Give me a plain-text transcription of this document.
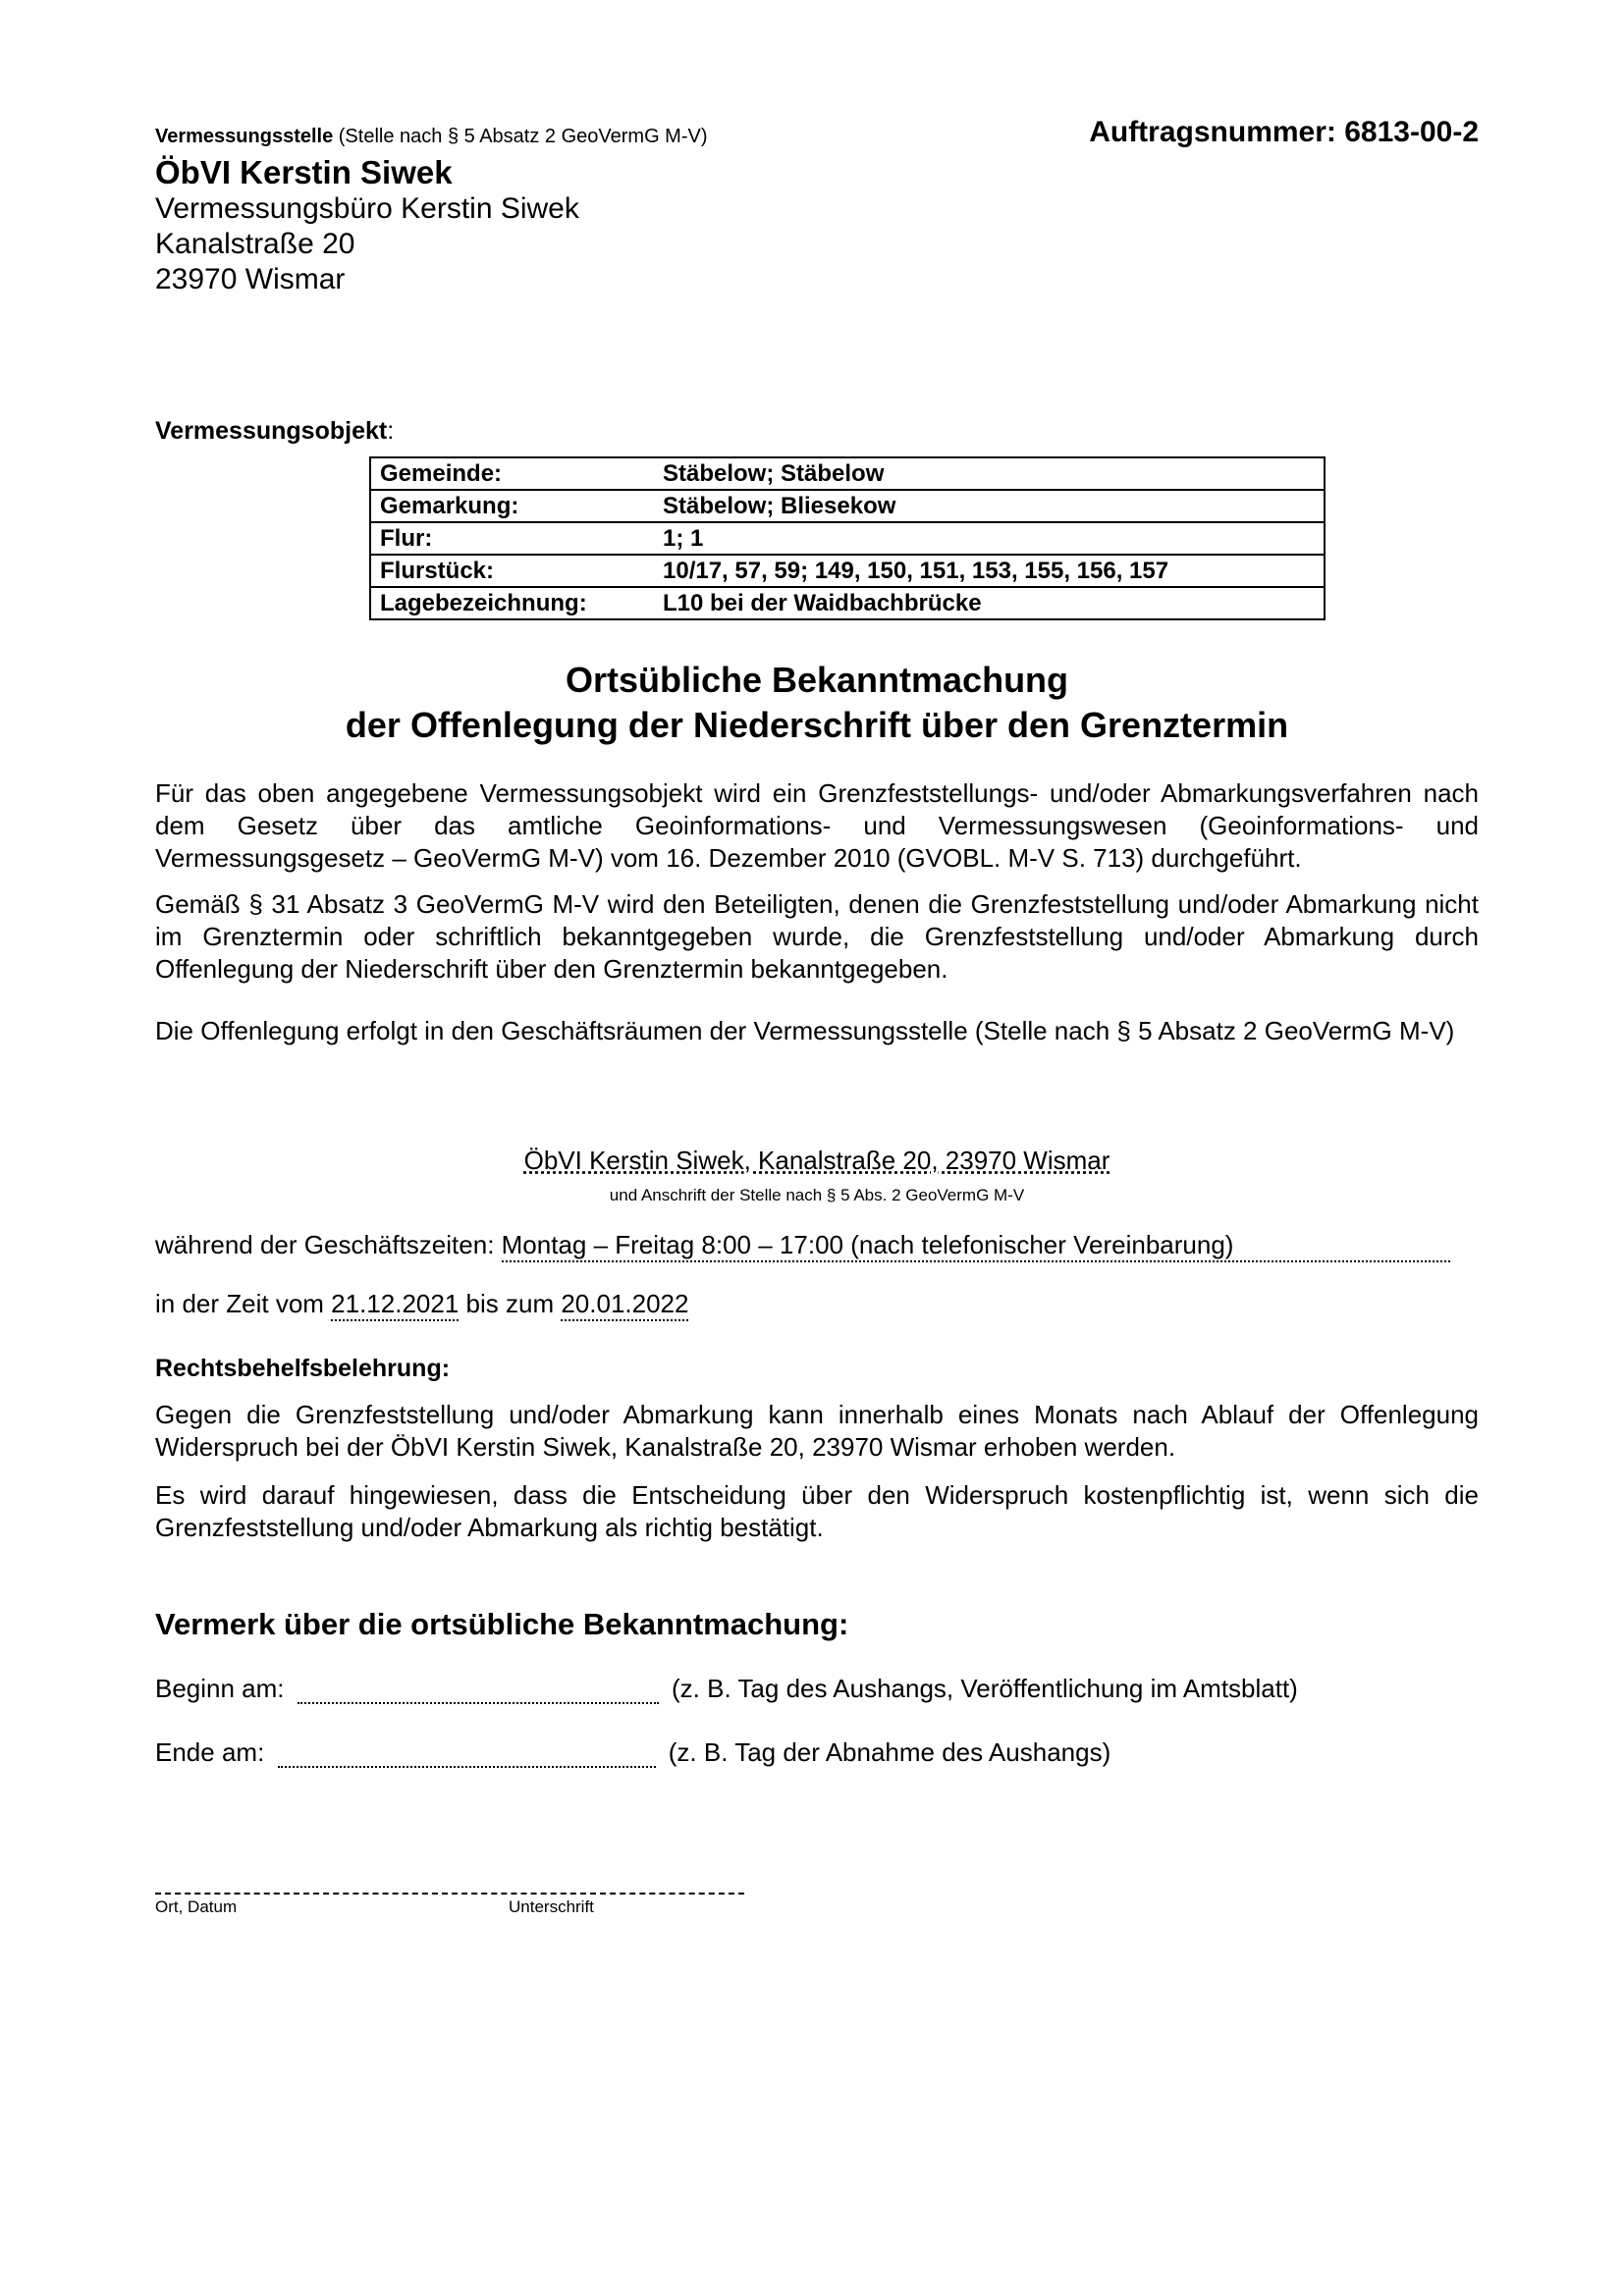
Vermessungsstelle (Stelle nach § 5 Absatz 2 GeoVermG M-V)	Auftragsnummer: 6813-00-2
ÖbVI Kerstin Siwek
Vermessungsbüro Kerstin Siwek
Kanalstraße 20
23970 Wismar
Vermessungsobjekt:
Gemeinde:	Stäbelow; Stäbelow
Gemarkung:	Stäbelow; Bliesekow
Flur:	1; 1
Flurstück:	10/17, 57, 59; 149, 150, 151, 153, 155, 156, 157
Lagebezeichnung:	L10 bei der Waidbachbrücke
Ortsübliche Bekanntmachung
der Offenlegung der Niederschrift über den Grenztermin
Für das oben angegebene Vermessungsobjekt wird ein Grenzfeststellungs- und/oder Abmarkungsverfahren nach dem Gesetz über das amtliche Geoinformations- und Vermessungswesen (Geoinformations- und Vermessungsgesetz – GeoVermG M-V) vom 16. Dezember 2010 (GVOBL. M-V S. 713) durchgeführt.
Gemäß § 31 Absatz 3 GeoVermG M-V wird den Beteiligten, denen die Grenzfeststellung und/oder Abmarkung nicht im Grenztermin oder schriftlich bekanntgegeben wurde, die Grenzfeststellung und/oder Abmarkung durch Offenlegung der Niederschrift über den Grenztermin bekanntgegeben.
Die Offenlegung erfolgt in den Geschäftsräumen der Vermessungsstelle (Stelle nach § 5 Absatz 2 GeoVermG M-V)
ÖbVI Kerstin Siwek, Kanalstraße 20, 23970 Wismar
und Anschrift der Stelle nach § 5 Abs. 2 GeoVermG M-V
während der Geschäftszeiten: Montag – Freitag 8:00 – 17:00 (nach telefonischer Vereinbarung)
in der Zeit vom 21.12.2021 bis zum 20.01.2022
Rechtsbehelfsbelehrung:
Gegen die Grenzfeststellung und/oder Abmarkung kann innerhalb eines Monats nach Ablauf der Offenlegung Widerspruch bei der ÖbVI Kerstin Siwek, Kanalstraße 20, 23970 Wismar erhoben werden.
Es wird darauf hingewiesen, dass die Entscheidung über den Widerspruch kostenpflichtig ist, wenn sich die Grenzfeststellung und/oder Abmarkung als richtig bestätigt.
Vermerk über die ortsübliche Bekanntmachung:
Beginn am:	(z. B. Tag des Aushangs, Veröffentlichung im Amtsblatt)
Ende am:	(z. B. Tag der Abnahme des Aushangs)
Ort, Datum	Unterschrift
